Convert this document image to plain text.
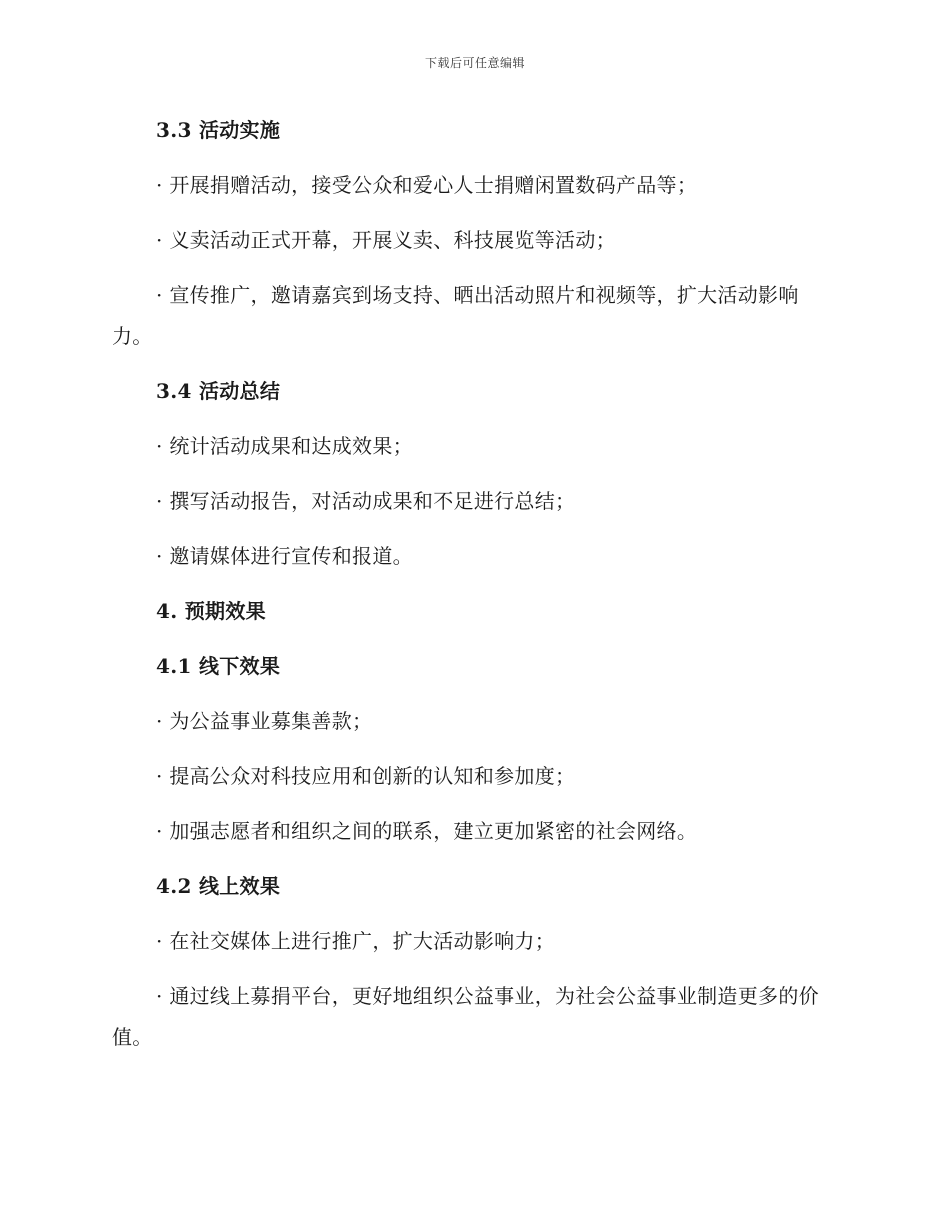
下载后可任意编辑

3.3 活动实施

· 开展捐赠活动，接受公众和爱心人士捐赠闲置数码产品等；

· 义卖活动正式开幕，开展义卖、科技展览等活动；

· 宣传推广，邀请嘉宾到场支持、晒出活动照片和视频等，扩大活动影响力。

3.4 活动总结

· 统计活动成果和达成效果；

· 撰写活动报告，对活动成果和不足进行总结；

· 邀请媒体进行宣传和报道。

4. 预期效果

4.1 线下效果

· 为公益事业募集善款；

· 提高公众对科技应用和创新的认知和参加度；

· 加强志愿者和组织之间的联系，建立更加紧密的社会网络。

4.2 线上效果

· 在社交媒体上进行推广，扩大活动影响力；

· 通过线上募捐平台，更好地组织公益事业，为社会公益事业制造更多的价值。
